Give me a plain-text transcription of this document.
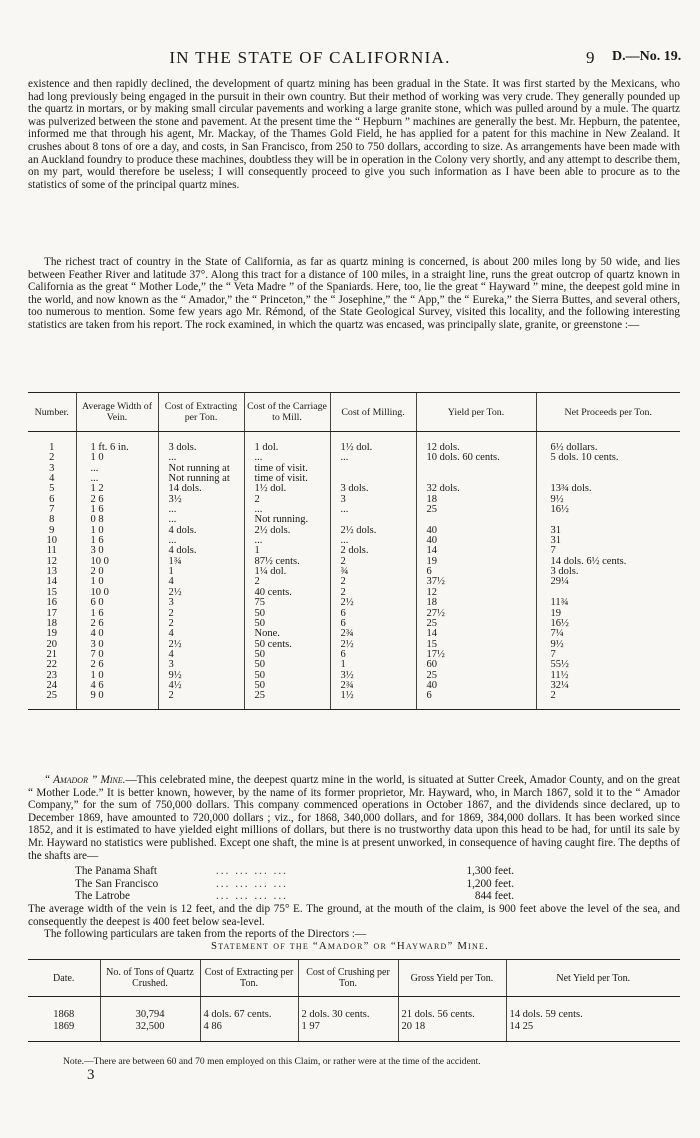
IN THE STATE OF CALIFORNIA.	9 D.—No. 19.

existence and then rapidly declined, the development of quartz mining has been gradual in the State. It was first started by the Mexicans, who had long previously being engaged in the pursuit in their own country. But their method of working was very crude. They generally pounded up the quartz in mortars, or by making small circular pavements and working a large granite stone, which was pulled around by a mule. The quartz was pulverized between the stone and pavement. At the present time the “ Hepburn ” machines are generally the best. Mr. Hepburn, the patentee, informed me that through his agent, Mr. Mackay, of the Thames Gold Field, he has applied for a patent for this machine in New Zealand. It crushes about 8 tons of ore a day, and costs, in San Francisco, from 250 to 750 dollars, according to size. As arrangements have been made with an Auckland foundry to produce these machines, doubtless they will be in operation in the Colony very shortly, and any attempt to describe them, on my part, would therefore be useless; I will consequently proceed to give you such information as I have been able to procure as to the statistics of some of the principal quartz mines.

The richest tract of country in the State of California, as far as quartz mining is concerned, is about 200 miles long by 50 wide, and lies between Feather River and latitude 37°. Along this tract for a distance of 100 miles, in a straight line, runs the great outcrop of quartz known in California as the great “ Mother Lode,” the “ Veta Madre ” of the Spaniards. Here, too, lie the great “ Hayward ” mine, the deepest gold mine in the world, and now known as the “ Amador,” the “ Princeton,” the “ Josephine,” the “ App,” the “ Eureka,” the Sierra Buttes, and several others, too numerous to mention. Some few years ago Mr. Rémond, of the State Geological Survey, visited this locality, and the following interesting statistics are taken from his report. The rock examined, in which the quartz was encased, was principally slate, granite, or greenstone :—

Number.	Average Width of Vein.	Cost of Extracting per Ton.	Cost of the Carriage to Mill.	Cost of Milling.	Yield per Ton.	Net Proceeds per Ton.
1	1 ft. 6 in.	3 dols.	1 dol.	1½ dol.	12 dols.	6½ dollars.
2	1 0	...	...	...	10 dols. 60 cents.	5 dols. 10 cents.
3	...	Not running at	time of visit.			
4	...	Not running at	time of visit.			
5	1 2	14 dols.	1½ dol.	3 dols.	32 dols.	13¾ dols.
6	2 6	3½	2	3	18	9½
7	1 6	...	...	...	25	16½
8	0 8	...	Not running.			
9	1 0	4 dols.	2½ dols.	2½ dols.	40	31
10	1 6	...	...	...	40	31
11	3 0	4 dols.	1	2 dols.	14	7
12	10 0	1¾	87½ cents.	2	19	14 dols. 6½ cents.
13	2 0	1	1¼ dol.	¾	6	3 dols.
14	1 0	4	2	2	37½	29¼
15	10 0	2½	40 cents.	2	12	
16	6 0	3	75	2½	18	11¾
17	1 6	2	50	6	27½	19
18	2 6	2	50	6	25	16½
19	4 0	4	None.	2¾	14	7¼
20	3 0	2½	50 cents.	2½	15	9½
21	7 0	4	50	6	17½	7
22	2 6	3	50	1	60	55½
23	1 0	9½	50	3½	25	11½
24	4 6	4½	50	2¾	40	32¼
25	9 0	2	25	1½	6	2

“ Amador ” Mine.—This celebrated mine, the deepest quartz mine in the world, is situated at Sutter Creek, Amador County, and on the great “ Mother Lode.” It is better known, however, by the name of its former proprietor, Mr. Hayward, who, in March 1867, sold it to the “ Amador Company,” for the sum of 750,000 dollars. This company commenced operations in October 1867, and the dividends since declared, up to December 1869, have amounted to 720,000 dollars ; viz., for 1868, 340,000 dollars, and for 1869, 384,000 dollars. It has been worked since 1852, and it is estimated to have yielded eight millions of dollars, but there is no trustworthy data upon this head to be had, for until its sale by Mr. Hayward no statistics were published. Except one shaft, the mine is at present unworked, in consequence of having caught fire. The depths of the shafts are—

The Panama Shaft	... ... ... ...	1,300 feet.
The San Francisco	... ... ... ...	1,200 feet.
The Latrobe	... ... ... ...	844 feet.

The average width of the vein is 12 feet, and the dip 75° E. The ground, at the mouth of the claim, is 900 feet above the level of the sea, and consequently the deepest is 400 feet below sea-level.

The following particulars are taken from the reports of the Directors :—

Statement of the “Amador” or “Hayward” Mine.
Date.	No. of Tons of Quartz Crushed.	Cost of Extracting per Ton.	Cost of Crushing per Ton.	Gross Yield per Ton.	Net Yield per Ton.
1868	30,794	4 dols. 67 cents.	2 dols. 30 cents.	21 dols. 56 cents.	14 dols. 59 cents.
1869	32,500	4 86	1 97	20 18	14 25
Note.—There are between 60 and 70 men employed on this Claim, or rather were at the time of the accident.
3
